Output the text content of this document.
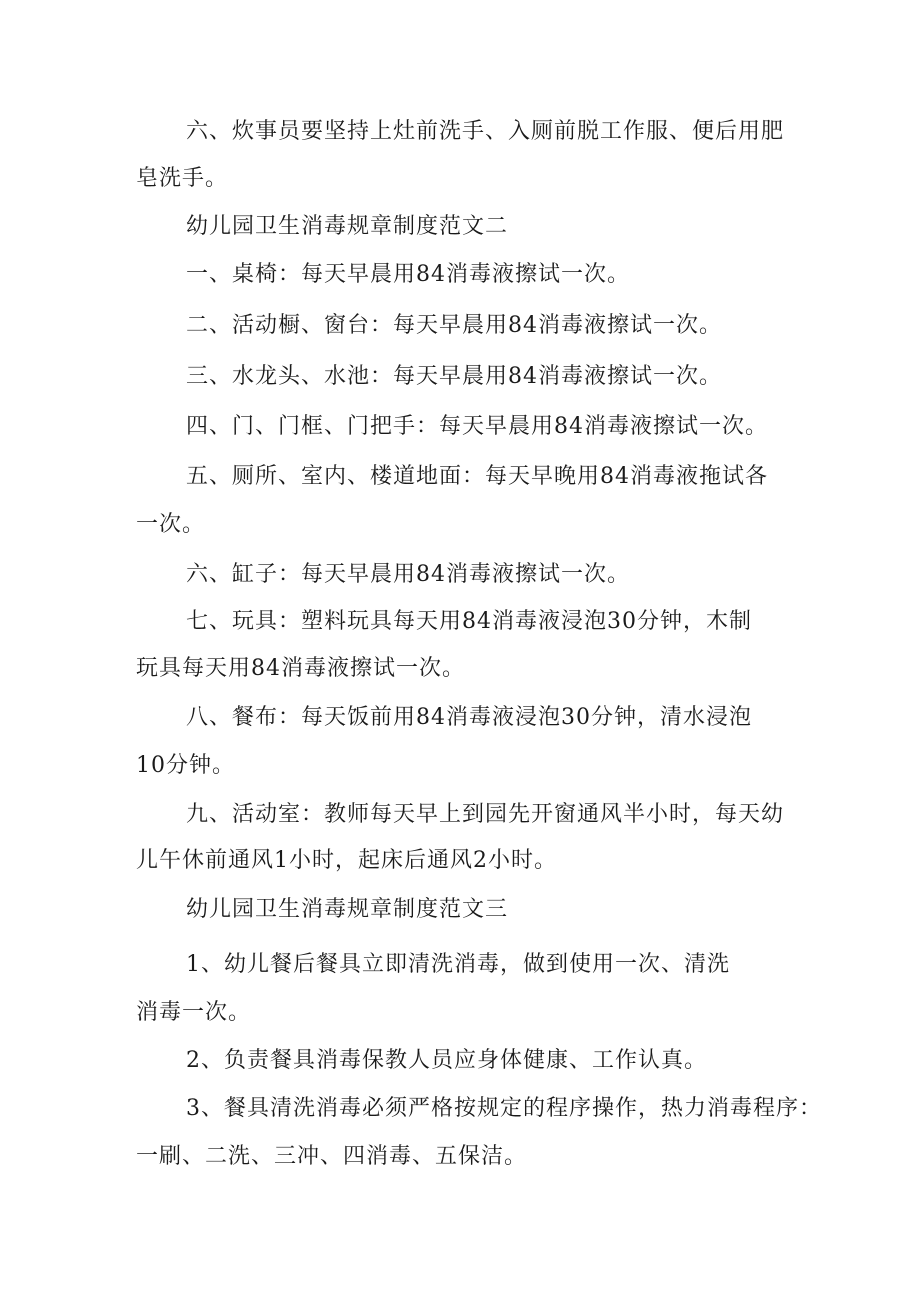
六、炊事员要坚持上灶前洗手、入厕前脱工作服、便后用肥
皂洗手。
幼儿园卫生消毒规章制度范文二
一、桌椅：每天早晨用84消毒液擦试一次。
二、活动橱、窗台：每天早晨用84消毒液擦试一次。
三、水龙头、水池：每天早晨用84消毒液擦试一次。
四、门、门框、门把手：每天早晨用84消毒液擦试一次。
五、厕所、室内、楼道地面：每天早晚用84消毒液拖试各
一次。
六、缸子：每天早晨用84消毒液擦试一次。
七、玩具：塑料玩具每天用84消毒液浸泡30分钟，木制
玩具每天用84消毒液擦试一次。
八、餐布：每天饭前用84消毒液浸泡30分钟，清水浸泡
10分钟。
九、活动室：教师每天早上到园先开窗通风半小时，每天幼
儿午休前通风1小时，起床后通风2小时。
幼儿园卫生消毒规章制度范文三
1、幼儿餐后餐具立即清洗消毒，做到使用一次、清洗
消毒一次。
2、负责餐具消毒保教人员应身体健康、工作认真。
3、餐具清洗消毒必须严格按规定的程序操作，热力消毒程序：
一刷、二洗、三冲、四消毒、五保洁。
